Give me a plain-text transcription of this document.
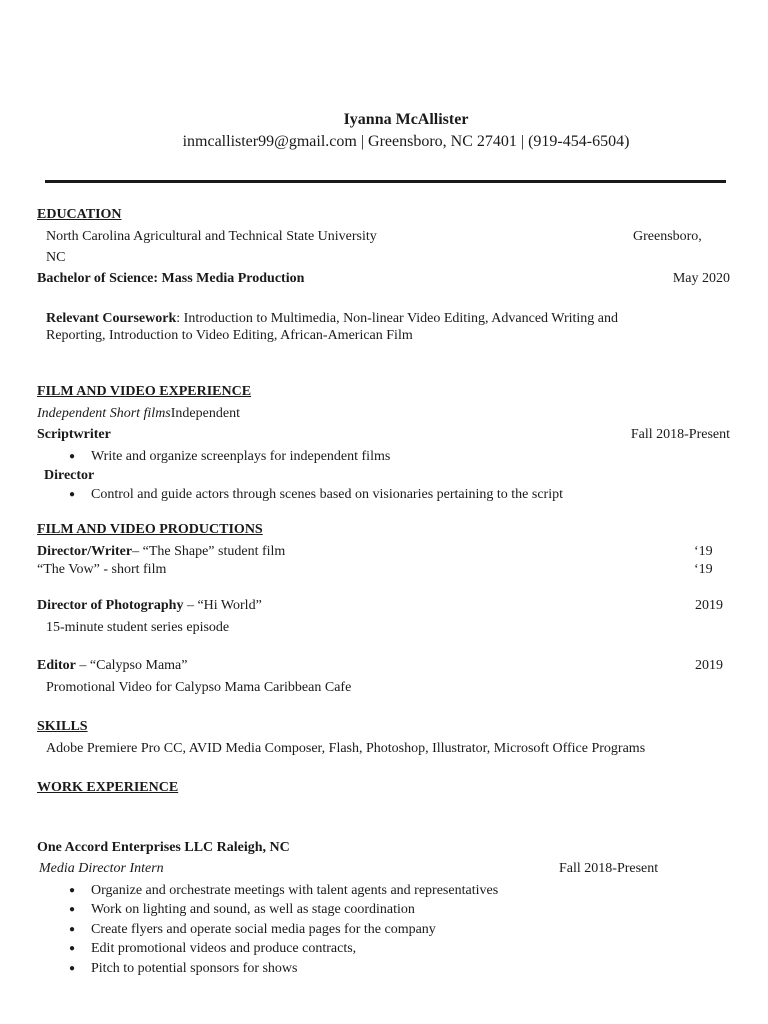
Iyanna McAllister
inmcallister99@gmail.com | Greensboro, NC 27401 | (919-454-6504)
EDUCATION
North Carolina Agricultural and Technical State University	Greensboro,
NC
Bachelor of Science: Mass Media Production	May 2020
Relevant Coursework: Introduction to Multimedia, Non-linear Video Editing, Advanced Writing and
Reporting, Introduction to Video Editing, African-American Film
FILM AND VIDEO EXPERIENCE
Independent Short filmsIndependent
Scriptwriter	Fall 2018-Present
● Write and organize screenplays for independent films
Director
● Control and guide actors through scenes based on visionaries pertaining to the script
FILM AND VIDEO PRODUCTIONS
Director/Writer– “The Shape” student film	‘19
“The Vow” - short film	‘19
Director of Photography – “Hi World”	2019
15-minute student series episode
Editor – “Calypso Mama”	2019
Promotional Video for Calypso Mama Caribbean Cafe
SKILLS
Adobe Premiere Pro CC, AVID Media Composer, Flash, Photoshop, Illustrator, Microsoft Office Programs
WORK EXPERIENCE
One Accord Enterprises LLC Raleigh, NC
Media Director Intern	Fall 2018-Present
● Organize and orchestrate meetings with talent agents and representatives
● Work on lighting and sound, as well as stage coordination
● Create flyers and operate social media pages for the company
● Edit promotional videos and produce contracts,
● Pitch to potential sponsors for shows
